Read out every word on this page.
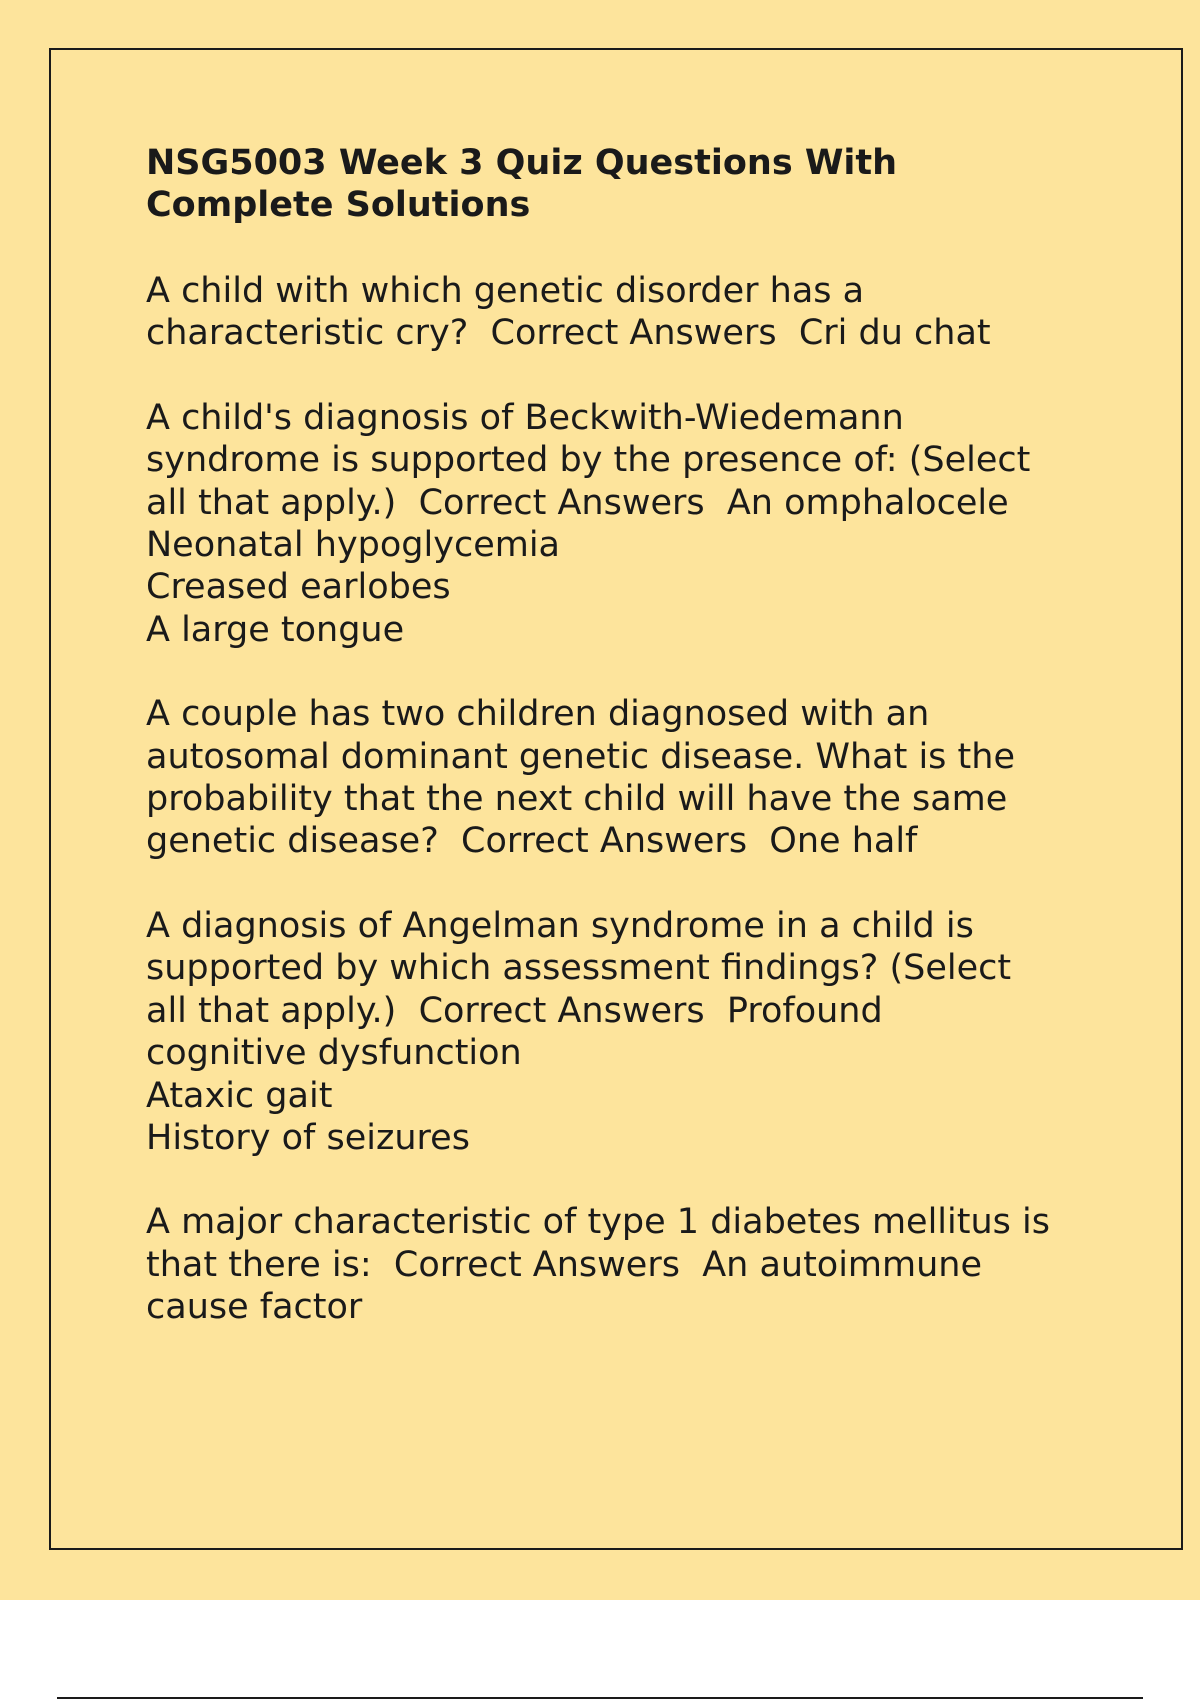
NSG5003 Week 3 Quiz Questions With Complete Solutions
A child with which genetic disorder has a
characteristic cry?  Correct Answers  Cri du chat
A child's diagnosis of Beckwith-Wiedemann
syndrome is supported by the presence of: (Select
all that apply.)  Correct Answers  An omphalocele
Neonatal hypoglycemia
Creased earlobes
A large tongue
A couple has two children diagnosed with an
autosomal dominant genetic disease. What is the
probability that the next child will have the same
genetic disease?  Correct Answers  One half
A diagnosis of Angelman syndrome in a child is
supported by which assessment findings? (Select
all that apply.)  Correct Answers  Profound
cognitive dysfunction
Ataxic gait
History of seizures
A major characteristic of type 1 diabetes mellitus is
that there is:  Correct Answers  An autoimmune
cause factor
